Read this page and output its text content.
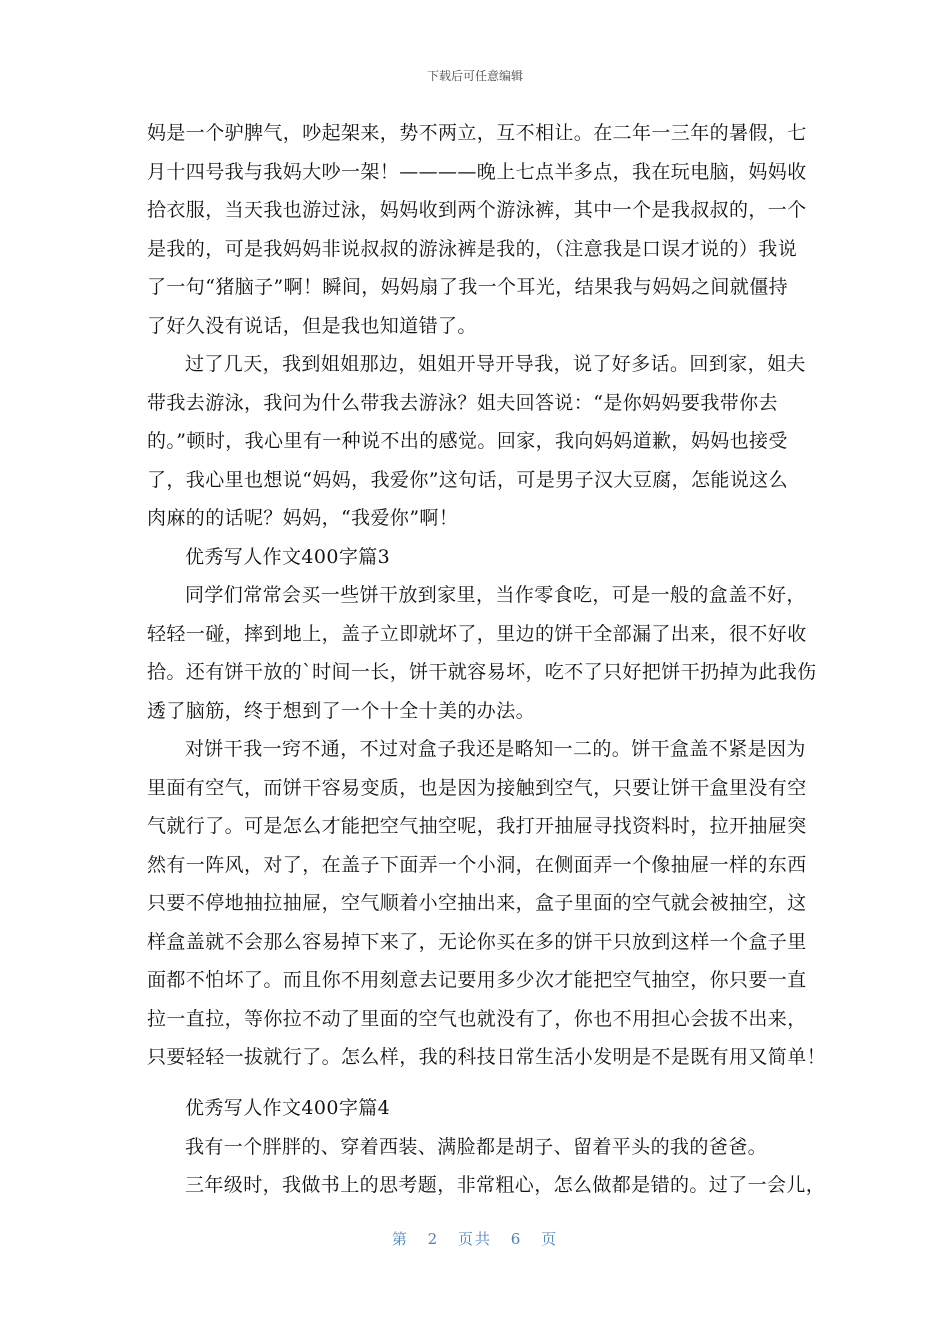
下载后可任意编辑
妈是一个驴脾气，吵起架来，势不两立，互不相让。在二年一三年的暑假，七
月十四号我与我妈大吵一架！————晚上七点半多点，我在玩电脑，妈妈收
拾衣服，当天我也游过泳，妈妈收到两个游泳裤，其中一个是我叔叔的，一个
是我的，可是我妈妈非说叔叔的游泳裤是我的，（注意我是口误才说的）我说
了一句“猪脑子”啊！瞬间，妈妈扇了我一个耳光，结果我与妈妈之间就僵持
了好久没有说话，但是我也知道错了。
过了几天，我到姐姐那边，姐姐开导开导我，说了好多话。回到家，姐夫
带我去游泳，我问为什么带我去游泳？姐夫回答说：“是你妈妈要我带你去
的。”顿时，我心里有一种说不出的感觉。回家，我向妈妈道歉，妈妈也接受
了，我心里也想说“妈妈，我爱你”这句话，可是男子汉大豆腐，怎能说这么
肉麻的的话呢？妈妈，“我爱你”啊！
优秀写人作文400字篇3
同学们常常会买一些饼干放到家里，当作零食吃，可是一般的盒盖不好，
轻轻一碰，摔到地上，盖子立即就坏了，里边的饼干全部漏了出来，很不好收
拾。还有饼干放的`时间一长，饼干就容易坏，吃不了只好把饼干扔掉为此我伤
透了脑筋，终于想到了一个十全十美的办法。
对饼干我一窍不通，不过对盒子我还是略知一二的。饼干盒盖不紧是因为
里面有空气，而饼干容易变质，也是因为接触到空气，只要让饼干盒里没有空
气就行了。可是怎么才能把空气抽空呢，我打开抽屉寻找资料时，拉开抽屉突
然有一阵风，对了，在盖子下面弄一个小洞，在侧面弄一个像抽屉一样的东西
只要不停地抽拉抽屉，空气顺着小空抽出来，盒子里面的空气就会被抽空，这
样盒盖就不会那么容易掉下来了，无论你买在多的饼干只放到这样一个盒子里
面都不怕坏了。而且你不用刻意去记要用多少次才能把空气抽空，你只要一直
拉一直拉，等你拉不动了里面的空气也就没有了，你也不用担心会拔不出来，
只要轻轻一拔就行了。怎么样，我的科技日常生活小发明是不是既有用又简单！
优秀写人作文400字篇4
我有一个胖胖的、穿着西装、满脸都是胡子、留着平头的我的爸爸。
三年级时，我做书上的思考题，非常粗心，怎么做都是错的。过了一会儿，
第 2 页共 6 页
